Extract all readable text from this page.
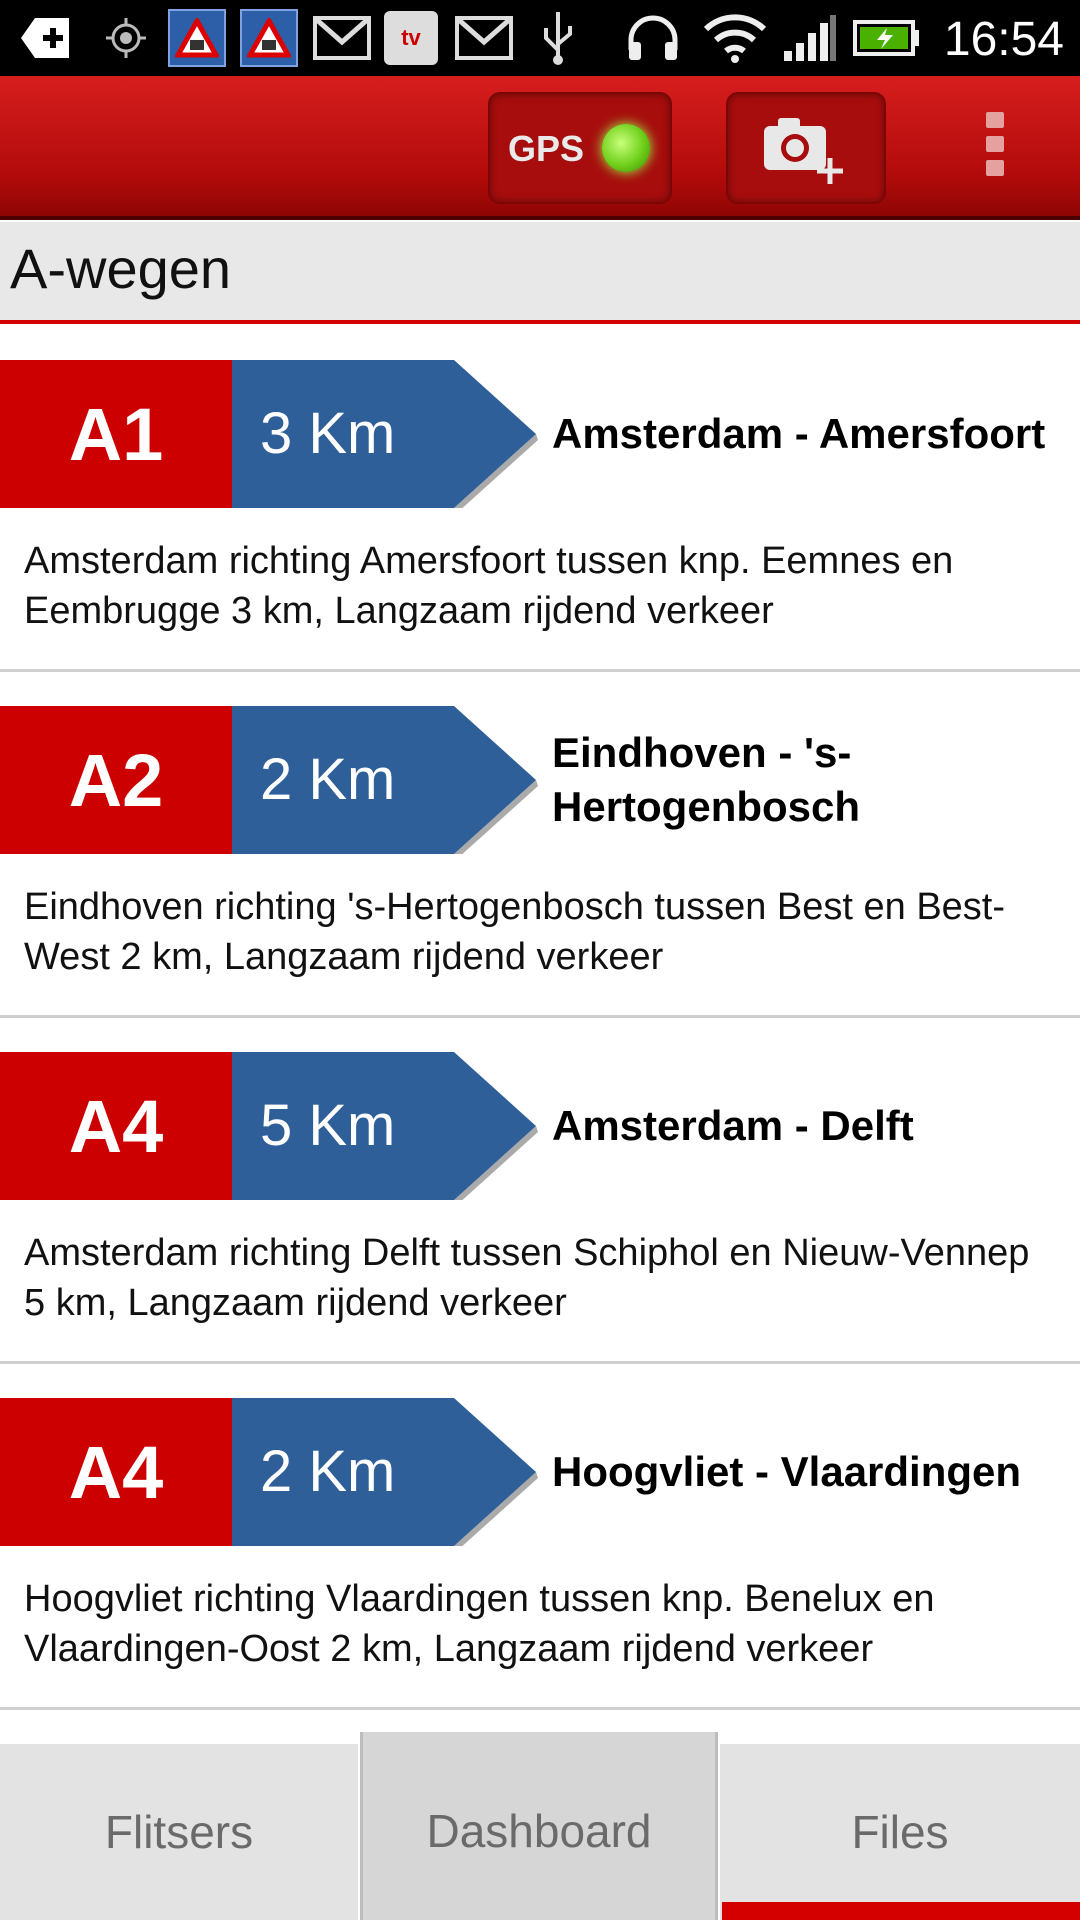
tv	16:54
GPS
A-wegen
A1	3 Km	Amsterdam - Amersfoort
Amsterdam richting Amersfoort tussen knp. Eemnes en Eembrugge 3 km, Langzaam rijdend verkeer
A2	2 Km	Eindhoven - 's-Hertogenbosch
Eindhoven richting 's-Hertogenbosch tussen Best en Best-West 2 km, Langzaam rijdend verkeer
A4	5 Km	Amsterdam - Delft
Amsterdam richting Delft tussen Schiphol en Nieuw-Vennep 5 km, Langzaam rijdend verkeer
A4	2 Km	Hoogvliet - Vlaardingen
Hoogvliet richting Vlaardingen tussen knp. Benelux en Vlaardingen-Oost 2 km, Langzaam rijdend verkeer
Flitsers	Dashboard	Files
